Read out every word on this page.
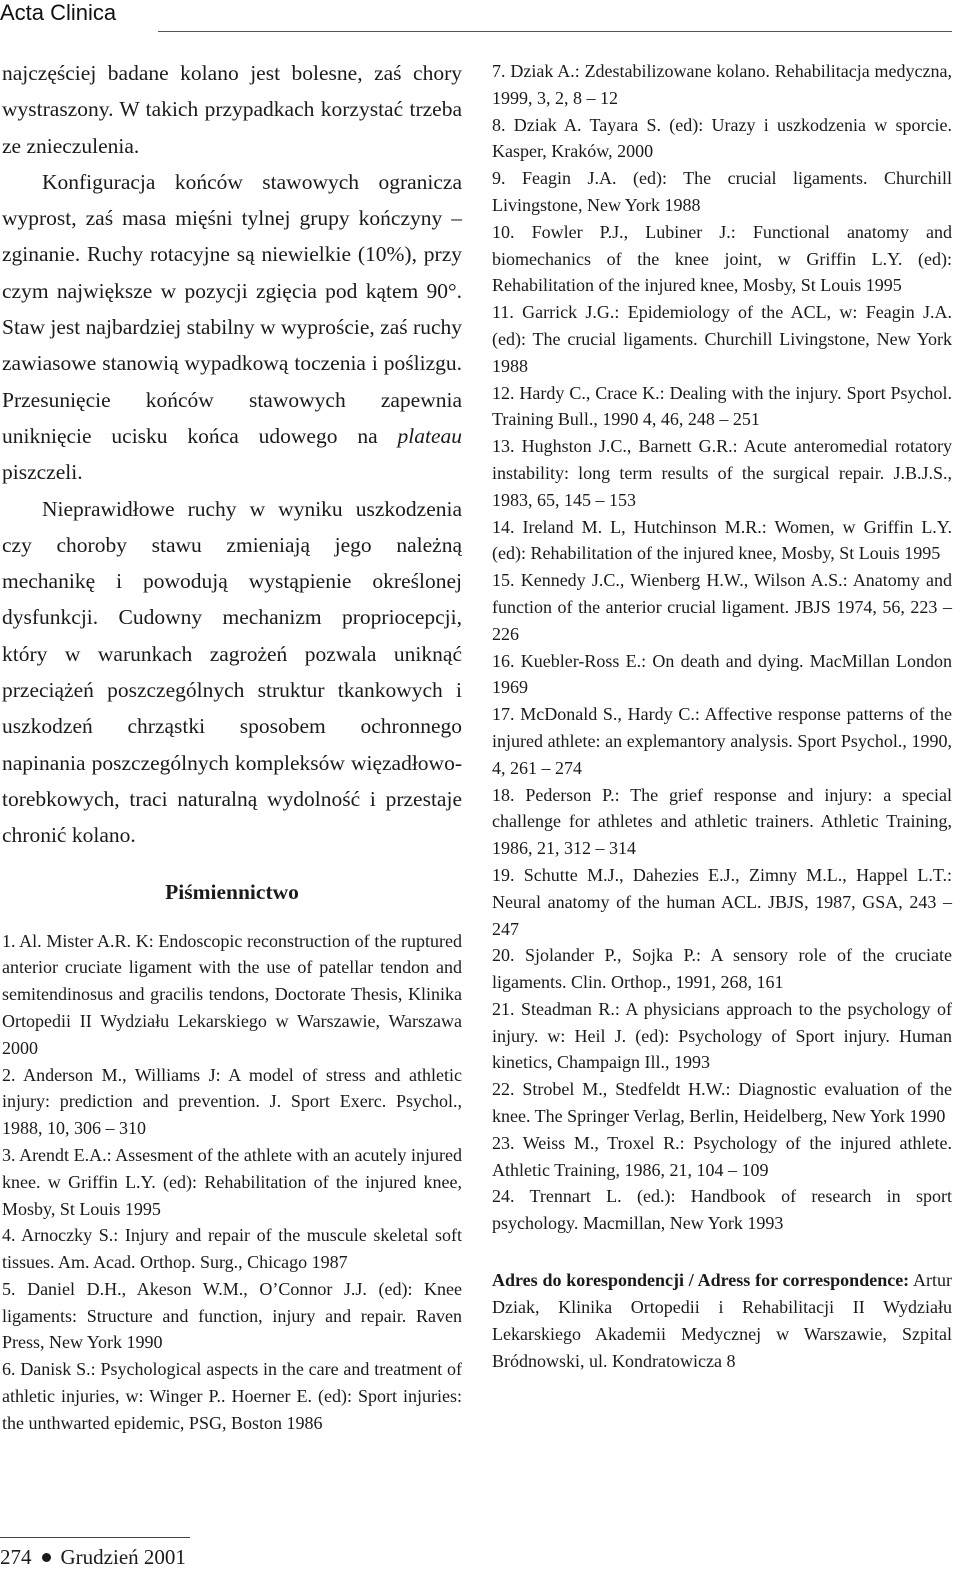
Acta Clinica

najczęściej badane kolano jest bolesne, zaś chory wystraszony. W takich przypadkach korzystać trzeba ze znieczulenia.

Konfiguracja końców stawowych ogranicza wyprost, zaś masa mięśni tylnej grupy kończyny – zginanie. Ruchy rotacyjne są niewielkie (10%), przy czym największe w pozycji zgięcia pod kątem 90°. Staw jest najbardziej stabilny w wyproście, zaś ruchy zawiasowe stanowią wypadkową toczenia i poślizgu. Przesunięcie końców stawowych zapewnia uniknięcie ucisku końca udowego na plateau piszczeli.

Nieprawidłowe ruchy w wyniku uszkodzenia czy choroby stawu zmieniają jego należną mechanikę i powodują wystąpienie określonej dysfunkcji. Cudowny mechanizm propriocepcji, który w warunkach zagrożeń pozwala uniknąć przeciążeń poszczególnych struktur tkankowych i uszkodzeń chrząstki sposobem ochronnego napinania poszczególnych kompleksów więzadłowo-torebkowych, traci naturalną wydolność i przestaje chronić kolano.

Piśmiennictwo

1. Al. Mister A.R. K: Endoscopic reconstruction of the ruptured anterior cruciate ligament with the use of patellar tendon and semitendinosus and gracilis tendons, Doctorate Thesis, Klinika Ortopedii II Wydziału Lekarskiego w Warszawie, Warszawa 2000

2. Anderson M., Williams J: A model of stress and athletic injury: prediction and prevention. J. Sport Exerc. Psychol., 1988, 10, 306 – 310

3. Arendt E.A.: Assesment of the athlete with an acutely injured knee. w Griffin L.Y. (ed): Rehabilitation of the injured knee, Mosby, St Louis 1995

4. Arnoczky S.: Injury and repair of the muscule skeletal soft tissues. Am. Acad. Orthop. Surg., Chicago 1987

5. Daniel D.H., Akeson W.M., O’Connor J.J. (ed): Knee ligaments: Structure and function, injury and repair. Raven Press, New York 1990

6. Danisk S.: Psychological aspects in the care and treatment of athletic injuries, w: Winger P.. Hoerner E. (ed): Sport injuries: the unthwarted epidemic, PSG, Boston 1986

7. Dziak A.: Zdestabilizowane kolano. Rehabilitacja medyczna, 1999, 3, 2, 8 – 12

8. Dziak A. Tayara S. (ed): Urazy i uszkodzenia w sporcie. Kasper, Kraków, 2000

9. Feagin J.A. (ed): The crucial ligaments. Churchill Livingstone, New York 1988

10. Fowler P.J., Lubiner J.: Functional anatomy and biomechanics of the knee joint, w Griffin L.Y. (ed): Rehabilitation of the injured knee, Mosby, St Louis 1995

11. Garrick J.G.: Epidemiology of the ACL, w: Feagin J.A. (ed): The crucial ligaments. Churchill Livingstone, New York 1988

12. Hardy C., Crace K.: Dealing with the injury. Sport Psychol. Training Bull., 1990 4, 46, 248 – 251

13. Hughston J.C., Barnett G.R.: Acute anteromedial rotatory instability: long term results of the surgical repair. J.B.J.S., 1983, 65, 145 – 153

14. Ireland M. L, Hutchinson M.R.: Women, w Griffin L.Y. (ed): Rehabilitation of the injured knee, Mosby, St Louis 1995

15. Kennedy J.C., Wienberg H.W., Wilson A.S.: Anatomy and function of the anterior crucial ligament. JBJS 1974, 56, 223 – 226

16. Kuebler-Ross E.: On death and dying. MacMillan London 1969

17. McDonald S., Hardy C.: Affective response patterns of the injured athlete: an explemantory analysis. Sport Psychol., 1990, 4, 261 – 274

18. Pederson P.: The grief response and injury: a special challenge for athletes and athletic trainers. Athletic Training, 1986, 21, 312 – 314

19. Schutte M.J., Dahezies E.J., Zimny M.L., Happel L.T.: Neural anatomy of the human ACL. JBJS, 1987, GSA, 243 – 247

20. Sjolander P., Sojka P.: A sensory role of the cruciate ligaments. Clin. Orthop., 1991, 268, 161

21. Steadman R.: A physicians approach to the psychology of injury. w: Heil J. (ed): Psychology of Sport injury. Human kinetics, Champaign Ill., 1993

22. Strobel M., Stedfeldt H.W.: Diagnostic evaluation of the knee. The Springer Verlag, Berlin, Heidelberg, New York 1990

23. Weiss M., Troxel R.: Psychology of the injured athlete. Athletic Training, 1986, 21, 104 – 109

24. Trennart L. (ed.): Handbook of research in sport psychology. Macmillan, New York 1993

Adres do korespondencji / Adress for correspondence: Artur Dziak, Klinika Ortopedii i Rehabilitacji II Wydziału Lekarskiego Akademii Medycznej w Warszawie, Szpital Bródnowski, ul. Kondratowicza 8

274 Grudzień 2001
